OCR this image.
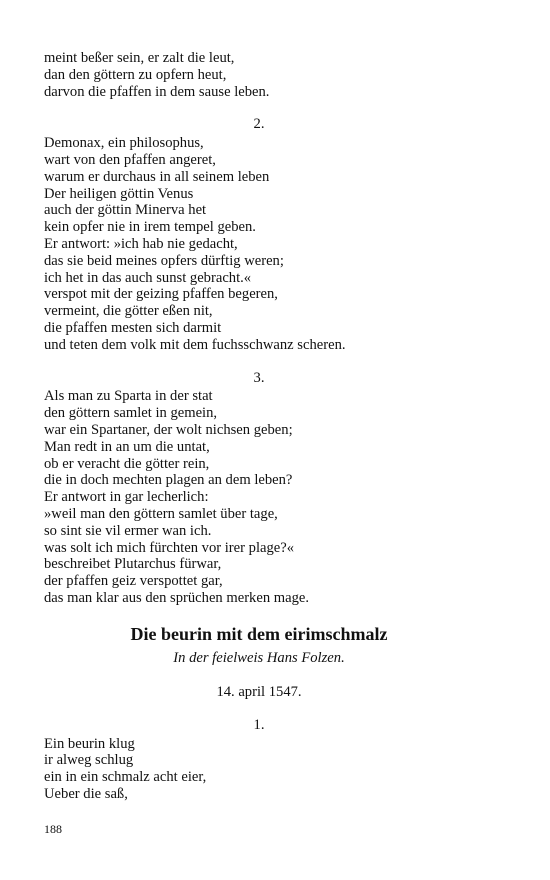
meint beßer sein, er zalt die leut,
dan den göttern zu opfern heut,
darvon die pfaffen in dem sause leben.
2.
Demonax, ein philosophus,
wart von den pfaffen angeret,
warum er durchaus in all seinem leben
Der heiligen göttin Venus
auch der göttin Minerva het
kein opfer nie in irem tempel geben.
Er antwort: »ich hab nie gedacht,
das sie beid meines opfers dürftig weren;
ich het in das auch sunst gebracht.«
verspot mit der geizing pfaffen begeren,
vermeint, die götter eßen nit,
die pfaffen mesten sich darmit
und teten dem volk mit dem fuchsschwanz scheren.
3.
Als man zu Sparta in der stat
den göttern samlet in gemein,
war ein Spartaner, der wolt nichsen geben;
Man redt in an um die untat,
ob er veracht die götter rein,
die in doch mechten plagen an dem leben?
Er antwort in gar lecherlich:
»weil man den göttern samlet über tage,
so sint sie vil ermer wan ich.
was solt ich mich fürchten vor irer plage?«
beschreibet Plutarchus fürwar,
der pfaffen geiz verspottet gar,
das man klar aus den sprüchen merken mage.
Die beurin mit dem eirimschmalz
In der feielweis Hans Folzen.
14. april 1547.
1.
Ein beurin klug
ir alweg schlug
ein in ein schmalz acht eier,
Ueber die saß,
188
